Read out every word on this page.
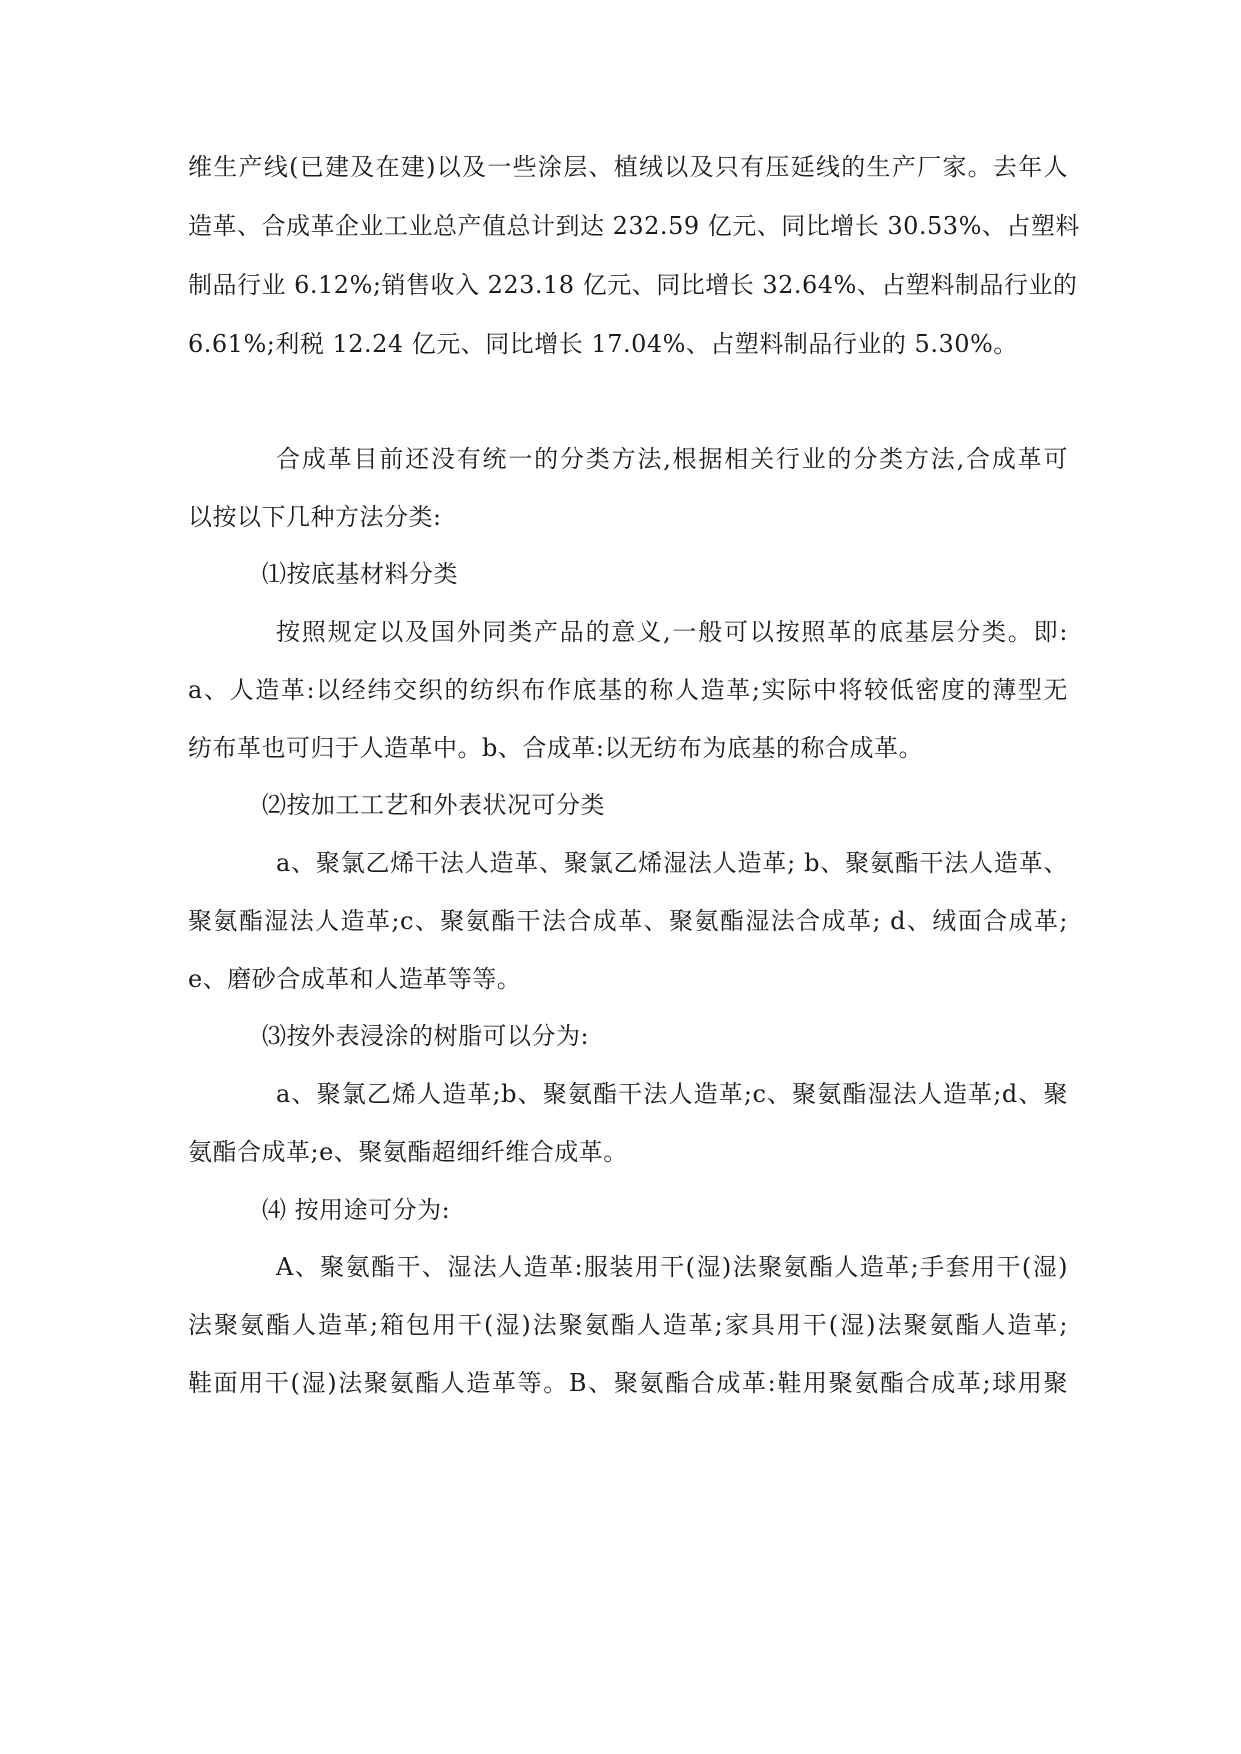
维生产线(已建及在建)以及一些涂层、植绒以及只有压延线的生产厂家。去年人

造革、合成革企业工业总产值总计到达 232.59 亿元、同比增长 30.53%、占塑料

制品行业 6.12%;销售收入 223.18 亿元、同比增长 32.64%、占塑料制品行业的

6.61%;利税 12.24 亿元、同比增长 17.04%、占塑料制品行业的 5.30%。

合成革目前还没有统一的分类方法,根据相关行业的分类方法,合成革可

以按以下几种方法分类:

⑴按底基材料分类

按照规定以及国外同类产品的意义,一般可以按照革的底基层分类。即:

a、人造革:以经纬交织的纺织布作底基的称人造革;实际中将较低密度的薄型无

纺布革也可归于人造革中。b、合成革:以无纺布为底基的称合成革。

⑵按加工工艺和外表状况可分类

a、聚氯乙烯干法人造革、聚氯乙烯湿法人造革; b、聚氨酯干法人造革、

聚氨酯湿法人造革;c、聚氨酯干法合成革、聚氨酯湿法合成革; d、绒面合成革;

e、磨砂合成革和人造革等等。

⑶按外表浸涂的树脂可以分为:

a、聚氯乙烯人造革;b、聚氨酯干法人造革;c、聚氨酯湿法人造革;d、聚

氨酯合成革;e、聚氨酯超细纤维合成革。

⑷ 按用途可分为:

A、聚氨酯干、湿法人造革:服装用干(湿)法聚氨酯人造革;手套用干(湿)

法聚氨酯人造革;箱包用干(湿)法聚氨酯人造革;家具用干(湿)法聚氨酯人造革;

鞋面用干(湿)法聚氨酯人造革等。B、聚氨酯合成革:鞋用聚氨酯合成革;球用聚
